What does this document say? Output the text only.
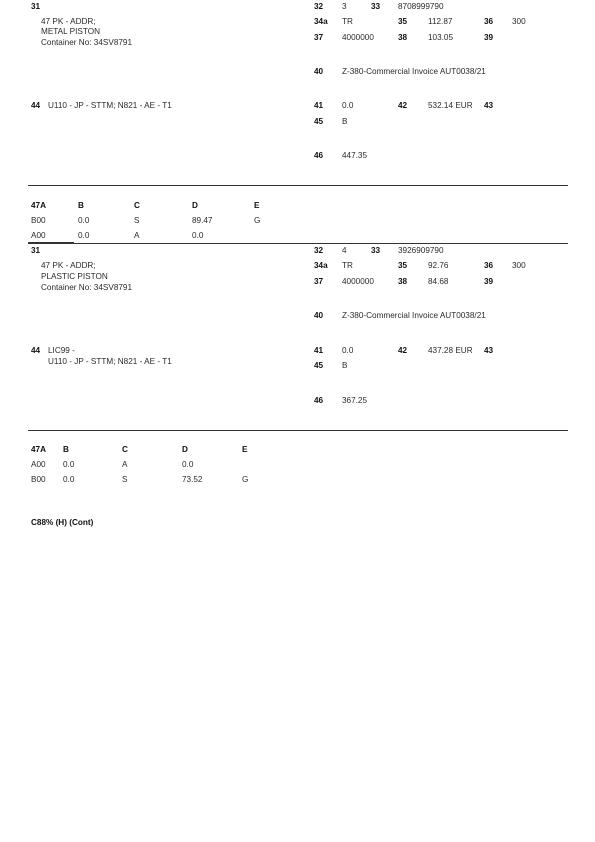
31
47 PK - ADDR;
METAL PISTON
Container No: 34SV8791
44 U110 - JP - STTM; N821 - AE - T1
32 3	33 8708999790
34a TR	35	112.87	36 300
37 4000000	38	103.05	39
40 Z-380-Commercial Invoice AUT0038/21
41 0.0	42	532.14 EUR 43
45 B
46 447.35
47A	B	C	D	E
B00	0.0	S	89.47	G
A00	0.0	A	0.0
31
47 PK - ADDR;
PLASTIC PISTON
Container No: 34SV8791
44 LIC99 -
U110 - JP - STTM; N821 - AE - T1
32 4	33 3926909790
34a TR	35	92.76	36 300
37 4000000	38	84.68	39
40 Z-380-Commercial Invoice AUT0038/21
41 0.0	42	437.28 EUR 43
45 B
46 367.25
47A B	C	D	E
A00 0.0	A	0.0
B00 0.0	S	73.52	G
C88% (H) (Cont)
